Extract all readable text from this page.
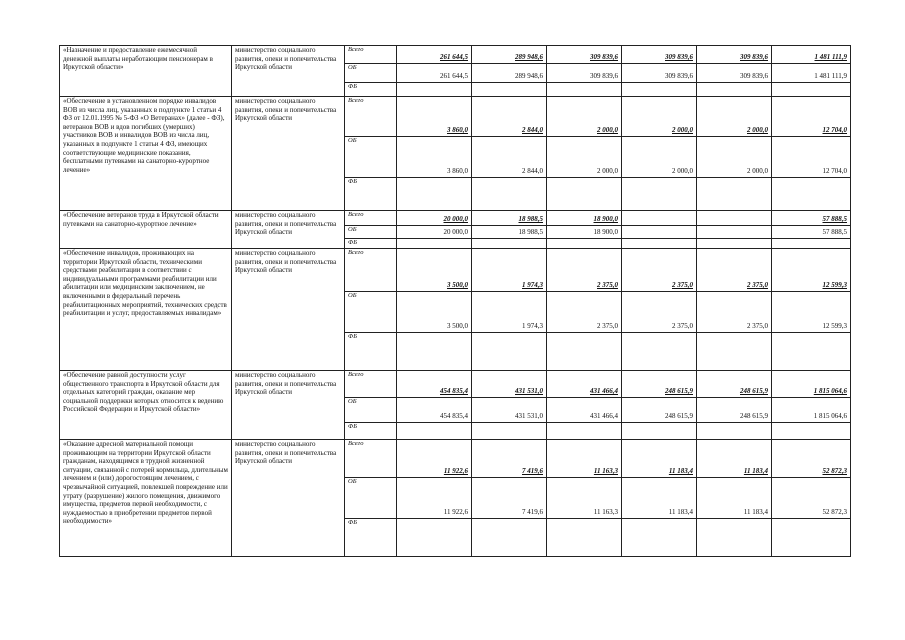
«Назначение и предоставление ежемесячной денежной выплаты неработающим пенсионерам в Иркутской области»	министерство социального развития, опеки и попечительства Иркутской области	Всего	261 644,5	289 948,6	309 839,6	309 839,6	309 839,6	1 481 111,9
		ОБ	261 644,5	289 948,6	309 839,6	309 839,6	309 839,6	1 481 111,9
		ФБ						
«Обеспечение в установленном порядке инвалидов ВОВ из числа лиц, указанных в подпункте 1 статьи 4 ФЗ от 12.01.1995 № 5-ФЗ «О Ветеранах» (далее - ФЗ), ветеранов ВОВ и вдов погибших (умерших) участников ВОВ и инвалидов ВОВ из числа лиц, указанных в подпункте 1 статьи 4 ФЗ, имеющих соответствующие медицинские показания, бесплатными путевками на санаторно-курортное лечение»	министерство социального развития, опеки и попечительства Иркутской области	Всего	3 860,0	2 844,0	2 000,0	2 000,0	2 000,0	12 704,0
		ОБ	3 860,0	2 844,0	2 000,0	2 000,0	2 000,0	12 704,0
		ФБ						
«Обеспечение ветеранов труда в Иркутской области путевками на санаторно-курортное лечение»	министерство социального развития, опеки и попечительства Иркутской области	Всего	20 000,0	18 988,5	18 900,0			57 888,5
		ОБ	20 000,0	18 988,5	18 900,0			57 888,5
		ФБ						
«Обеспечение инвалидов, проживающих на территории Иркутской области, техническими средствами реабилитации в соответствии с индивидуальными программами реабилитации или абилитации или медицинским заключением, не включенными в федеральный перечень реабилитационных мероприятий, технических средств реабилитации и услуг, предоставляемых инвалидам»	министерство социального развития, опеки и попечительства Иркутской области	Всего	3 500,0	1 974,3	2 375,0	2 375,0	2 375,0	12 599,3
		ОБ	3 500,0	1 974,3	2 375,0	2 375,0	2 375,0	12 599,3
		ФБ						
«Обеспечение равной доступности услуг общественного транспорта в Иркутской области для отдельных категорий граждан, оказание мер социальной поддержки которых относится к ведению Российской Федерации и Иркутской области»	министерство социального развития, опеки и попечительства Иркутской области	Всего	454 835,4	431 531,0	431 466,4	248 615,9	248 615,9	1 815 064,6
		ОБ	454 835,4	431 531,0	431 466,4	248 615,9	248 615,9	1 815 064,6
		ФБ						
«Оказание адресной материальной помощи проживающим на территории Иркутской области гражданам, находящимся в трудной жизненной ситуации, связанной с потерей кормильца, длительным лечением и (или) дорогостоящим лечением, с чрезвычайной ситуацией, повлекшей повреждение или утрату (разрушение) жилого помещения, движимого имущества, предметов первой необходимости, с нуждаемостью в приобретении предметов первой необходимости»	министерство социального развития, опеки и попечительства Иркутской области	Всего	11 922,6	7 419,6	11 163,3	11 183,4	11 183,4	52 872,3
		ОБ	11 922,6	7 419,6	11 163,3	11 183,4	11 183,4	52 872,3
		ФБ						
